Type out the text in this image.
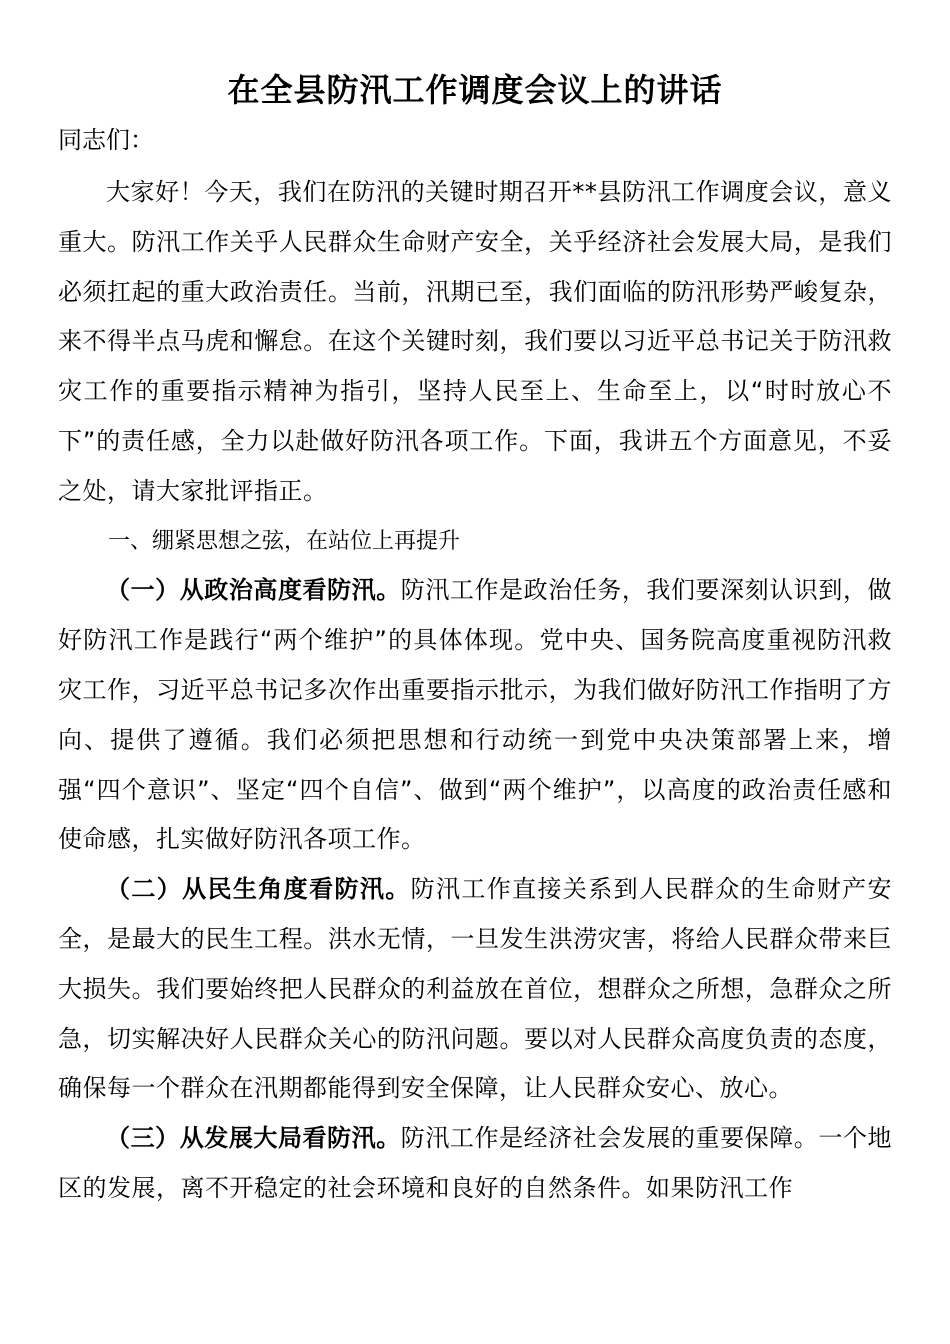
在全县防汛工作调度会议上的讲话

同志们：

大家好！今天，我们在防汛的关键时期召开**县防汛工作调度会议，意义重大。防汛工作关乎人民群众生命财产安全，关乎经济社会发展大局，是我们必须扛起的重大政治责任。当前，汛期已至，我们面临的防汛形势严峻复杂，来不得半点马虎和懈怠。在这个关键时刻，我们要以习近平总书记关于防汛救灾工作的重要指示精神为指引，坚持人民至上、生命至上，以“时时放心不下”的责任感，全力以赴做好防汛各项工作。下面，我讲五个方面意见，不妥之处，请大家批评指正。

一、绷紧思想之弦，在站位上再提升

（一）从政治高度看防汛。防汛工作是政治任务，我们要深刻认识到，做好防汛工作是践行“两个维护”的具体体现。党中央、国务院高度重视防汛救灾工作，习近平总书记多次作出重要指示批示，为我们做好防汛工作指明了方向、提供了遵循。我们必须把思想和行动统一到党中央决策部署上来，增强“四个意识”、坚定“四个自信”、做到“两个维护”，以高度的政治责任感和使命感，扎实做好防汛各项工作。

（二）从民生角度看防汛。防汛工作直接关系到人民群众的生命财产安全，是最大的民生工程。洪水无情，一旦发生洪涝灾害，将给人民群众带来巨大损失。我们要始终把人民群众的利益放在首位，想群众之所想，急群众之所急，切实解决好人民群众关心的防汛问题。要以对人民群众高度负责的态度，确保每一个群众在汛期都能得到安全保障，让人民群众安心、放心。

（三）从发展大局看防汛。防汛工作是经济社会发展的重要保障。一个地区的发展，离不开稳定的社会环境和良好的自然条件。如果防汛工作
